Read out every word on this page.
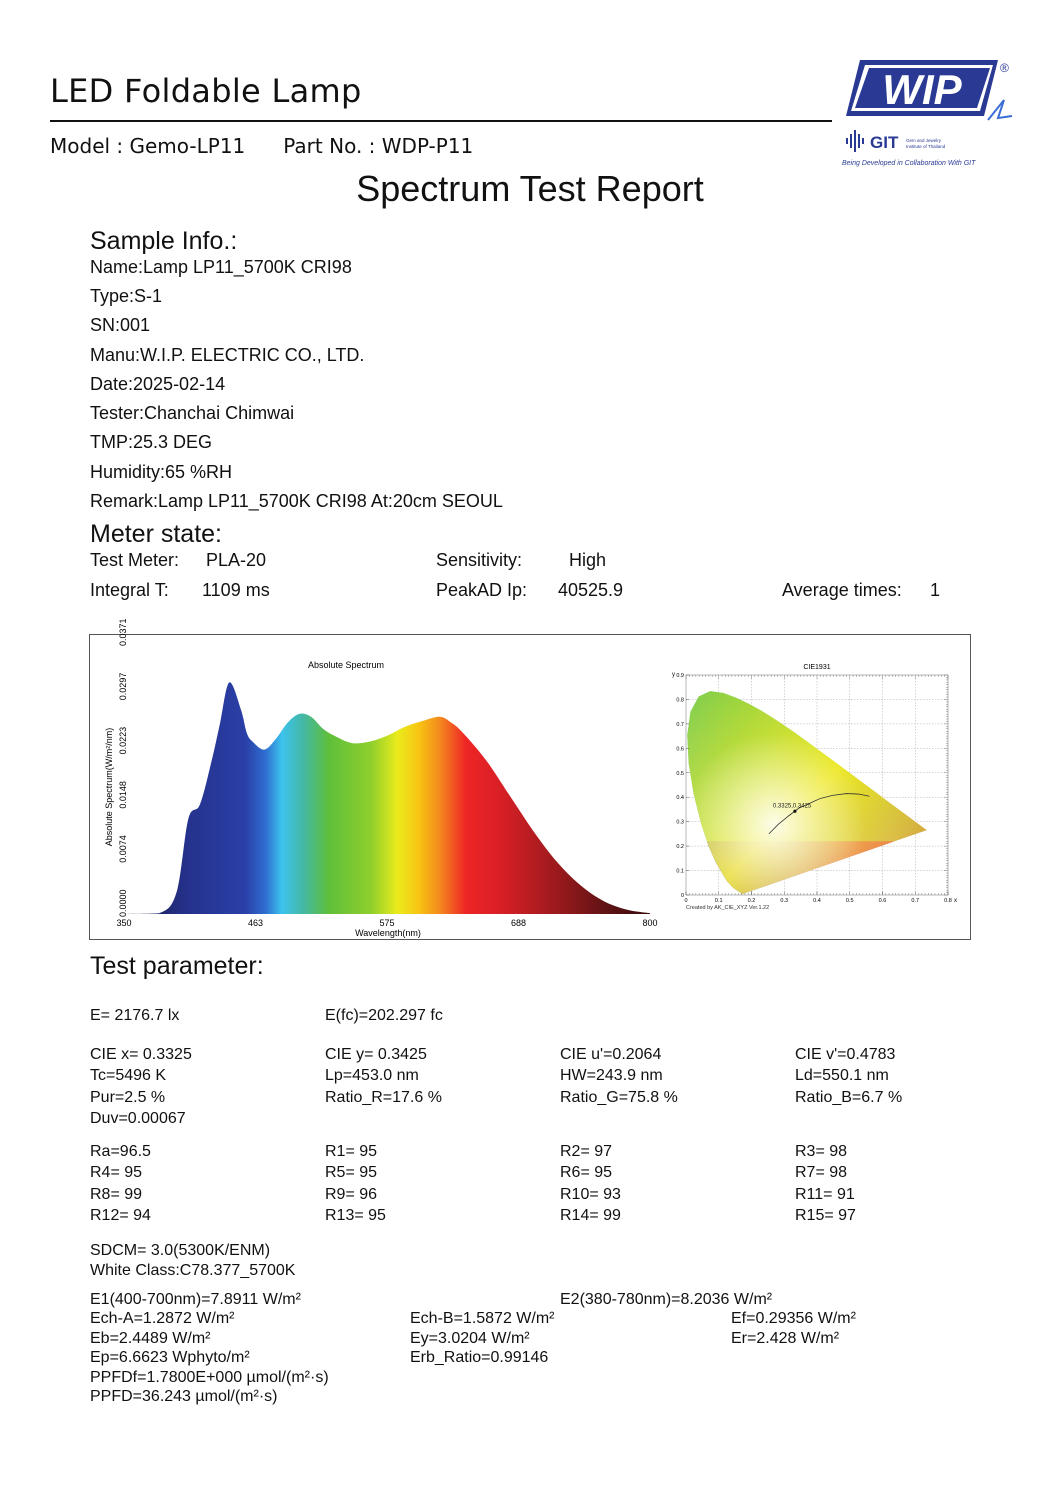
LED Foldable Lamp
Model : Gemo-LP11 Part No. : WDP-P11
WIP	®
GIT Gem and Jewelry
Institute of Thailand
Being Developed in Collaboration With GIT
Spectrum Test Report
Sample Info.:
Name:Lamp LP11_5700K CRI98
Type:S-1
SN:001
Manu:W.I.P. ELECTRIC CO., LTD.
Date:2025-02-14
Tester:Chanchai Chimwai
TMP:25.3 DEG
Humidity:65 %RH
Remark:Lamp LP11_5700K CRI98 At:20cm SEOUL
Meter state:
Test Meter: PLA-20	Sensitivity:	High
Integral T: 1109 ms	PeakAD Ip: 40525.9	Average times: 1
Absolute Spectrum
Wavelength(nm)
Absolute Spectrum(W/m²/nm)
350	463	575	688	800
0.0000
0.0074
0.0148
0.0223
0.0297
0.0371
CIE1931
0.3325,0.3425
0	0.1	0.2	0.3	0.4	0.5	0.6	0.7	0.8
0
0.1
0.2
0.3
0.4
0.5
0.6
0.7
0.8
0.9
Created by AK_CIE_XYZ Ver.1.22
y
x
Test parameter:
E= 2176.7 lx	E(fc)=202.297 fc
CIE x= 0.3325	CIE y= 0.3425	CIE u'=0.2064	CIE v'=0.4783
Tc=5496 K	Lp=453.0 nm	HW=243.9 nm	Ld=550.1 nm
Pur=2.5 %	Ratio_R=17.6 %	Ratio_G=75.8 %	Ratio_B=6.7 %
Duv=0.00067
Ra=96.5	R1= 95	R2= 97	R3= 98
R4= 95	R5= 95	R6= 95	R7= 98
R8= 99	R9= 96	R10= 93	R11= 91
R12= 94	R13= 95	R14= 99	R15= 97
SDCM= 3.0(5300K/ENM)
White Class:C78.377_5700K
E1(400-700nm)=7.8911 W/m²	E2(380-780nm)=8.2036 W/m²
Ech-A=1.2872 W/m²	Ech-B=1.5872 W/m²	Ef=0.29356 W/m²
Eb=2.4489 W/m²	Ey=3.0204 W/m²	Er=2.428 W/m²
Ep=6.6623 Wphyto/m²	Erb_Ratio=0.99146
PPFDf=1.7800E+000 µmol/(m²·s)
PPFD=36.243 µmol/(m²·s)
